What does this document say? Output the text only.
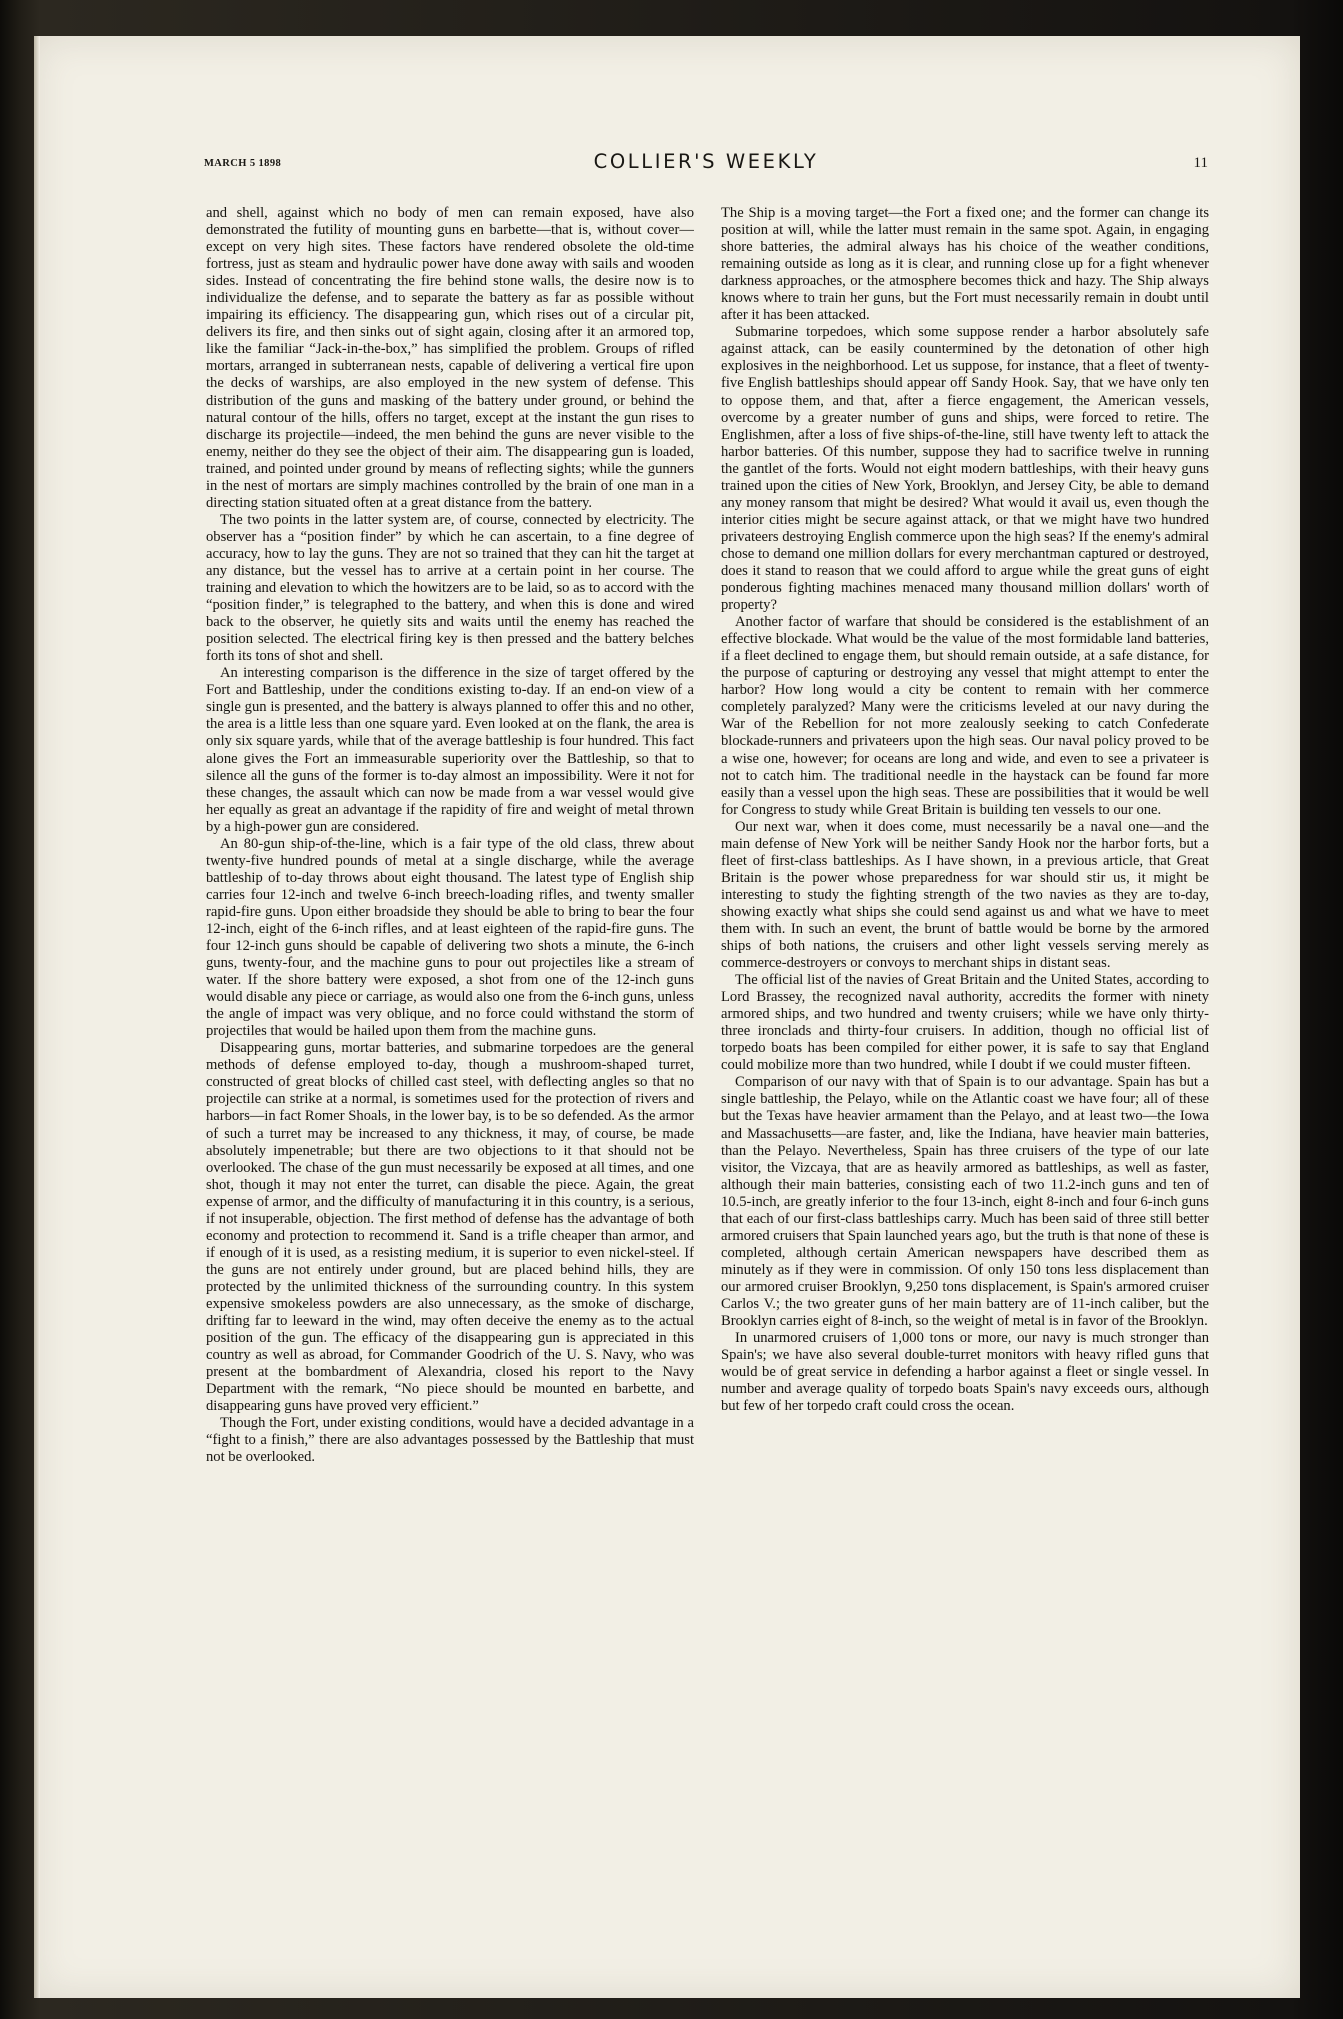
MARCH 5 1898	COLLIER'S WEEKLY	11

and shell, against which no body of men can remain exposed, have also demonstrated the futility of mounting guns en barbette—that is, without cover—except on very high sites. These factors have rendered obsolete the old-time fortress, just as steam and hydraulic power have done away with sails and wooden sides. Instead of concentrating the fire behind stone walls, the desire now is to individualize the defense, and to separate the battery as far as possible without impairing its efficiency. The disappearing gun, which rises out of a circular pit, delivers its fire, and then sinks out of sight again, closing after it an armored top, like the familiar “Jack-in-the-box,” has simplified the problem. Groups of rifled mortars, arranged in subterranean nests, capable of delivering a vertical fire upon the decks of warships, are also employed in the new system of defense. This distribution of the guns and masking of the battery under ground, or behind the natural contour of the hills, offers no target, except at the instant the gun rises to discharge its projectile—indeed, the men behind the guns are never visible to the enemy, neither do they see the object of their aim. The disappearing gun is loaded, trained, and pointed under ground by means of reflecting sights; while the gunners in the nest of mortars are simply machines controlled by the brain of one man in a directing station situated often at a great distance from the battery.

The two points in the latter system are, of course, connected by electricity. The observer has a “position finder” by which he can ascertain, to a fine degree of accuracy, how to lay the guns. They are not so trained that they can hit the target at any distance, but the vessel has to arrive at a certain point in her course. The training and elevation to which the howitzers are to be laid, so as to accord with the “position finder,” is telegraphed to the battery, and when this is done and wired back to the observer, he quietly sits and waits until the enemy has reached the position selected. The electrical firing key is then pressed and the battery belches forth its tons of shot and shell.

An interesting comparison is the difference in the size of target offered by the Fort and Battleship, under the conditions existing to-day. If an end-on view of a single gun is presented, and the battery is always planned to offer this and no other, the area is a little less than one square yard. Even looked at on the flank, the area is only six square yards, while that of the average battleship is four hundred. This fact alone gives the Fort an immeasurable superiority over the Battleship, so that to silence all the guns of the former is to-day almost an impossibility. Were it not for these changes, the assault which can now be made from a war vessel would give her equally as great an advantage if the rapidity of fire and weight of metal thrown by a high-power gun are considered.

An 80-gun ship-of-the-line, which is a fair type of the old class, threw about twenty-five hundred pounds of metal at a single discharge, while the average battleship of to-day throws about eight thousand. The latest type of English ship carries four 12-inch and twelve 6-inch breech-loading rifles, and twenty smaller rapid-fire guns. Upon either broadside they should be able to bring to bear the four 12-inch, eight of the 6-inch rifles, and at least eighteen of the rapid-fire guns. The four 12-inch guns should be capable of delivering two shots a minute, the 6-inch guns, twenty-four, and the machine guns to pour out projectiles like a stream of water. If the shore battery were exposed, a shot from one of the 12-inch guns would disable any piece or carriage, as would also one from the 6-inch guns, unless the angle of impact was very oblique, and no force could withstand the storm of projectiles that would be hailed upon them from the machine guns.

Disappearing guns, mortar batteries, and submarine torpedoes are the general methods of defense employed to-day, though a mushroom-shaped turret, constructed of great blocks of chilled cast steel, with deflecting angles so that no projectile can strike at a normal, is sometimes used for the protection of rivers and harbors—in fact Romer Shoals, in the lower bay, is to be so defended. As the armor of such a turret may be increased to any thickness, it may, of course, be made absolutely impenetrable; but there are two objections to it that should not be overlooked. The chase of the gun must necessarily be exposed at all times, and one shot, though it may not enter the turret, can disable the piece. Again, the great expense of armor, and the difficulty of manufacturing it in this country, is a serious, if not insuperable, objection. The first method of defense has the advantage of both economy and protection to recommend it. Sand is a trifle cheaper than armor, and if enough of it is used, as a resisting medium, it is superior to even nickel-steel. If the guns are not entirely under ground, but are placed behind hills, they are protected by the unlimited thickness of the surrounding country. In this system expensive smokeless powders are also unnecessary, as the smoke of discharge, drifting far to leeward in the wind, may often deceive the enemy as to the actual position of the gun. The efficacy of the disappearing gun is appreciated in this country as well as abroad, for Commander Goodrich of the U. S. Navy, who was present at the bombardment of Alexandria, closed his report to the Navy Department with the remark, “No piece should be mounted en barbette, and disappearing guns have proved very efficient.”

Though the Fort, under existing conditions, would have a decided advantage in a “fight to a finish,” there are also advantages possessed by the Battleship that must not be overlooked.

The Ship is a moving target—the Fort a fixed one; and the former can change its position at will, while the latter must remain in the same spot. Again, in engaging shore batteries, the admiral always has his choice of the weather conditions, remaining outside as long as it is clear, and running close up for a fight whenever darkness approaches, or the atmosphere becomes thick and hazy. The Ship always knows where to train her guns, but the Fort must necessarily remain in doubt until after it has been attacked.

Submarine torpedoes, which some suppose render a harbor absolutely safe against attack, can be easily countermined by the detonation of other high explosives in the neighborhood. Let us suppose, for instance, that a fleet of twenty-five English battleships should appear off Sandy Hook. Say, that we have only ten to oppose them, and that, after a fierce engagement, the American vessels, overcome by a greater number of guns and ships, were forced to retire. The Englishmen, after a loss of five ships-of-the-line, still have twenty left to attack the harbor batteries. Of this number, suppose they had to sacrifice twelve in running the gantlet of the forts. Would not eight modern battleships, with their heavy guns trained upon the cities of New York, Brooklyn, and Jersey City, be able to demand any money ransom that might be desired? What would it avail us, even though the interior cities might be secure against attack, or that we might have two hundred privateers destroying English commerce upon the high seas? If the enemy's admiral chose to demand one million dollars for every merchantman captured or destroyed, does it stand to reason that we could afford to argue while the great guns of eight ponderous fighting machines menaced many thousand million dollars' worth of property?

Another factor of warfare that should be considered is the establishment of an effective blockade. What would be the value of the most formidable land batteries, if a fleet declined to engage them, but should remain outside, at a safe distance, for the purpose of capturing or destroying any vessel that might attempt to enter the harbor? How long would a city be content to remain with her commerce completely paralyzed? Many were the criticisms leveled at our navy during the War of the Rebellion for not more zealously seeking to catch Confederate blockade-runners and privateers upon the high seas. Our naval policy proved to be a wise one, however; for oceans are long and wide, and even to see a privateer is not to catch him. The traditional needle in the haystack can be found far more easily than a vessel upon the high seas. These are possibilities that it would be well for Congress to study while Great Britain is building ten vessels to our one.

Our next war, when it does come, must necessarily be a naval one—and the main defense of New York will be neither Sandy Hook nor the harbor forts, but a fleet of first-class battleships. As I have shown, in a previous article, that Great Britain is the power whose preparedness for war should stir us, it might be interesting to study the fighting strength of the two navies as they are to-day, showing exactly what ships she could send against us and what we have to meet them with. In such an event, the brunt of battle would be borne by the armored ships of both nations, the cruisers and other light vessels serving merely as commerce-destroyers or convoys to merchant ships in distant seas.

The official list of the navies of Great Britain and the United States, according to Lord Brassey, the recognized naval authority, accredits the former with ninety armored ships, and two hundred and twenty cruisers; while we have only thirty-three ironclads and thirty-four cruisers. In addition, though no official list of torpedo boats has been compiled for either power, it is safe to say that England could mobilize more than two hundred, while I doubt if we could muster fifteen.

Comparison of our navy with that of Spain is to our advantage. Spain has but a single battleship, the Pelayo, while on the Atlantic coast we have four; all of these but the Texas have heavier armament than the Pelayo, and at least two—the Iowa and Massachusetts—are faster, and, like the Indiana, have heavier main batteries, than the Pelayo. Nevertheless, Spain has three cruisers of the type of our late visitor, the Vizcaya, that are as heavily armored as battleships, as well as faster, although their main batteries, consisting each of two 11.2-inch guns and ten of 10.5-inch, are greatly inferior to the four 13-inch, eight 8-inch and four 6-inch guns that each of our first-class battleships carry. Much has been said of three still better armored cruisers that Spain launched years ago, but the truth is that none of these is completed, although certain American newspapers have described them as minutely as if they were in commission. Of only 150 tons less displacement than our armored cruiser Brooklyn, 9,250 tons displacement, is Spain's armored cruiser Carlos V.; the two greater guns of her main battery are of 11-inch caliber, but the Brooklyn carries eight of 8-inch, so the weight of metal is in favor of the Brooklyn.

In unarmored cruisers of 1,000 tons or more, our navy is much stronger than Spain's; we have also several double-turret monitors with heavy rifled guns that would be of great service in defending a harbor against a fleet or single vessel. In number and average quality of torpedo boats Spain's navy exceeds ours, although but few of her torpedo craft could cross the ocean.
